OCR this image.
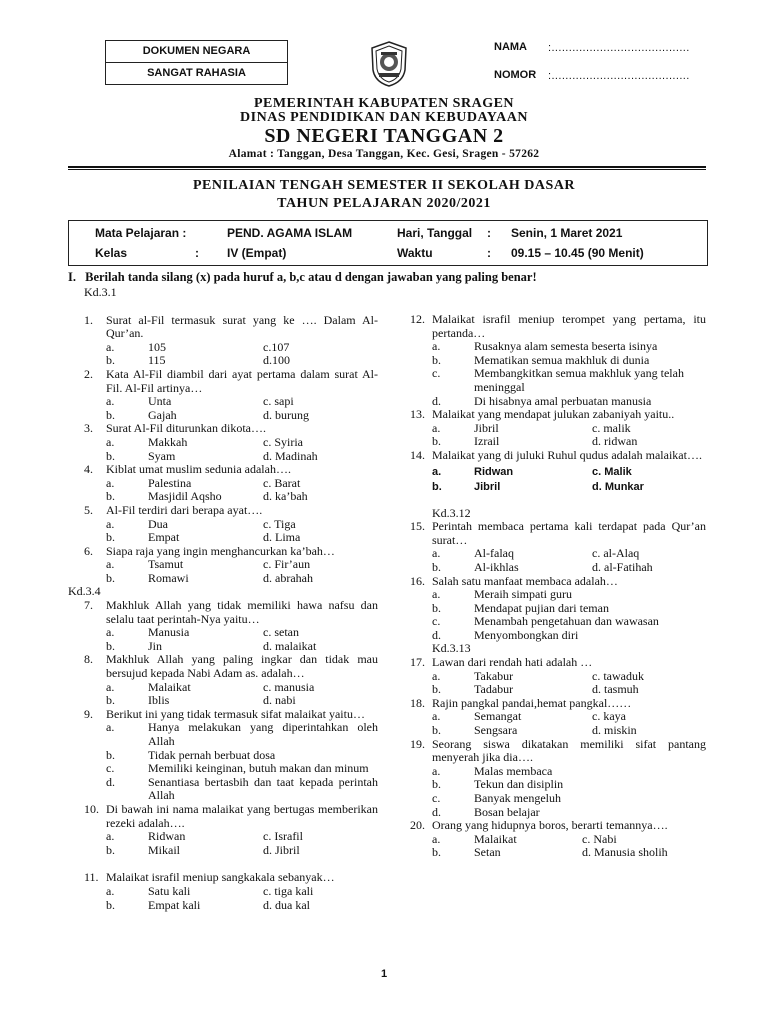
DOKUMEN NEGARA
SANGAT RAHASIA
NAMA :........................................
NOMOR :........................................
PEMERINTAH KABUPATEN SRAGEN
DINAS PENDIDIKAN DAN KEBUDAYAAN
SD NEGERI TANGGAN 2
Alamat : Tanggan, Desa Tanggan, Kec. Gesi, Sragen - 57262
PENILAIAN TENGAH SEMESTER II SEKOLAH DASAR
TAHUN PELAJARAN 2020/2021
Mata Pelajaran :	PEND. AGAMA ISLAM	Hari, Tanggal : Senin, 1 Maret 2021
Kelas	: IV (Empat)	Waktu	: 09.15 – 10.45 (90 Menit)
I. Berilah tanda silang (x) pada huruf a, b,c atau d dengan jawaban yang paling benar!
Kd.3.1
1.	Surat al-Fil termasuk surat yang ke …. Dalam Al-Qur’an.
a.	105	c.107
b.	115	d.100
2.	Kata Al-Fil diambil dari ayat pertama dalam surat Al-Fil. Al-Fil artinya…
a.	Unta	c. sapi
b.	Gajah	d. burung
3.	Surat Al-Fil diturunkan dikota….
a.	Makkah	c. Syiria
b.	Syam	d. Madinah
4.	Kiblat umat muslim sedunia adalah….
a.	Palestina	c. Barat
b.	Masjidil Aqsho	d. ka’bah
5.	Al-Fil terdiri dari berapa ayat….
a.	Dua	c. Tiga
b.	Empat	d. Lima
6.	Siapa raja yang ingin menghancurkan ka’bah…
a.	Tsamut	c. Fir’aun
b.	Romawi	d. abrahah
Kd.3.4
7.	Makhluk Allah yang tidak memiliki hawa nafsu dan selalu taat perintah-Nya yaitu…
a.	Manusia	c. setan
b.	Jin	d. malaikat
8.	Makhluk Allah yang paling ingkar dan tidak mau bersujud kepada Nabi Adam as. adalah…
a.	Malaikat	c. manusia
b.	Iblis	d. nabi
9.	Berikut ini yang tidak termasuk sifat malaikat yaitu…
a.	Hanya melakukan yang diperintahkan oleh Allah
b.	Tidak pernah berbuat dosa
c.	Memiliki keinginan, butuh makan dan minum
d.	Senantiasa bertasbih dan taat kepada perintah Allah
10. Di bawah ini nama malaikat yang bertugas memberikan rezeki adalah….
a.	Ridwan	c. Israfil
b.	Mikail	d. Jibril
11. Malaikat israfil meniup sangkakala sebanyak…
a.	Satu kali	c. tiga kali
b.	Empat kali	d. dua kal
12. Malaikat israfil meniup terompet yang pertama, itu pertanda…
a.	Rusaknya alam semesta beserta isinya
b.	Mematikan semua makhluk di dunia
c.	Membangkitkan semua makhluk yang telah meninggal
d.	Di hisabnya amal perbuatan manusia
13. Malaikat yang mendapat julukan zabaniyah yaitu..
a.	Jibril	c. malik
b.	Izrail	d. ridwan
14. Malaikat yang di juluki Ruhul qudus adalah malaikat….
a.	Ridwan	c. Malik
b.	Jibril	d. Munkar
Kd.3.12
15. Perintah membaca pertama kali terdapat pada Qur’an surat…
a.	Al-falaq	c. al-Alaq
b.	Al-ikhlas	d. al-Fatihah
16. Salah satu manfaat membaca adalah…
a.	Meraih simpati guru
b.	Mendapat pujian dari teman
c.	Menambah pengetahuan dan wawasan
d.	Menyombongkan diri
Kd.3.13
17. Lawan dari rendah hati adalah …
a.	Takabur	c. tawaduk
b.	Tadabur	d. tasmuh
18. Rajin pangkal pandai,hemat pangkal……
a.	Semangat	c. kaya
b.	Sengsara	d. miskin
19. Seorang siswa dikatakan memiliki sifat pantang menyerah jika dia….
a.	Malas membaca
b.	Tekun dan disiplin
c.	Banyak mengeluh
d.	Bosan belajar
20. Orang yang hidupnya boros, berarti temannya….
a.	Malaikat	c. Nabi
b.	Setan	d. Manusia sholih
1
